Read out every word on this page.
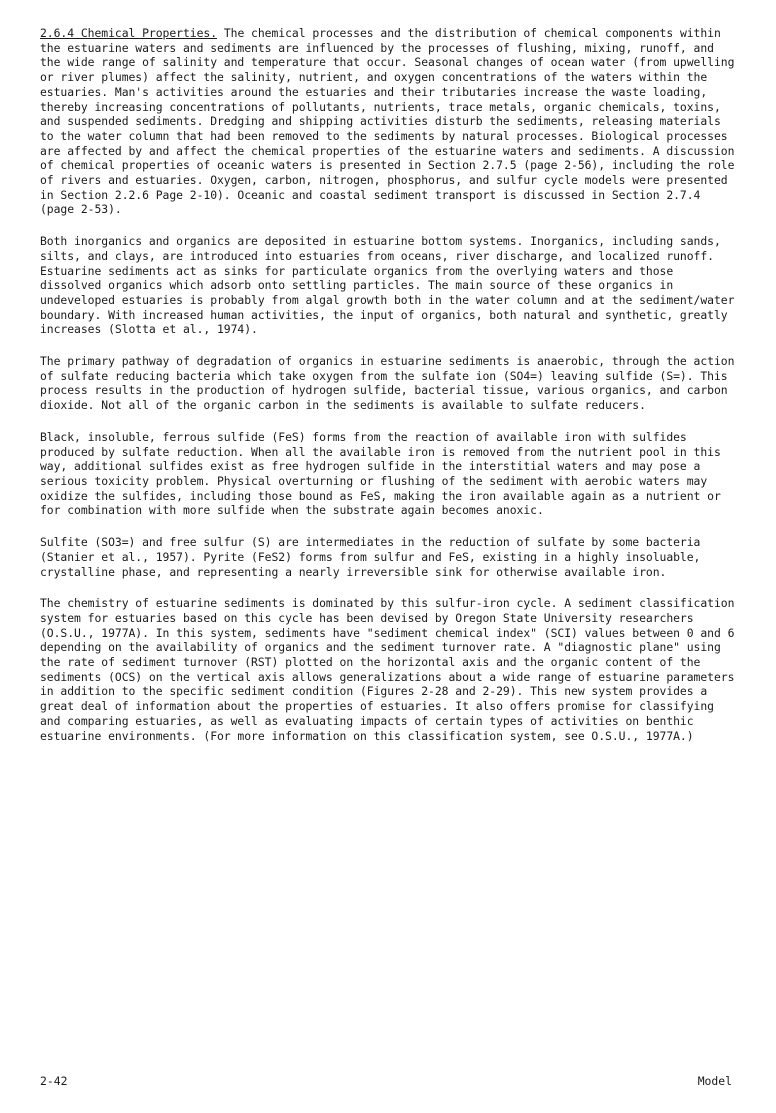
2.6.4 Chemical Properties. The chemical processes and the distribution of chemical components within the estuarine waters and sediments are influenced by the processes of flushing, mixing, runoff, and the wide range of salinity and temperature that occur. Seasonal changes of ocean water (from upwelling or river plumes) affect the salinity, nutrient, and oxygen concentrations of the waters within the estuaries. Man's activities around the estuaries and their tributaries increase the waste loading, thereby increasing concentrations of pollutants, nutrients, trace metals, organic chemicals, toxins, and suspended sediments. Dredging and shipping activities disturb the sediments, releasing materials to the water column that had been removed to the sediments by natural processes. Biological processes are affected by and affect the chemical properties of the estuarine waters and sediments. A discussion of chemical properties of oceanic waters is presented in Section 2.7.5 (page 2-56), including the role of rivers and estuaries. Oxygen, carbon, nitrogen, phosphorus, and sulfur cycle models were presented in Section 2.2.6 Page 2-10). Oceanic and coastal sediment transport is discussed in Section 2.7.4 (page 2-53).

Both inorganics and organics are deposited in estuarine bottom systems. Inorganics, including sands, silts, and clays, are introduced into estuaries from oceans, river discharge, and localized runoff. Estuarine sediments act as sinks for particulate organics from the overlying waters and those dissolved organics which adsorb onto settling particles. The main source of these organics in undeveloped estuaries is probably from algal growth both in the water column and at the sediment/water boundary. With increased human activities, the input of organics, both natural and synthetic, greatly increases (Slotta et al., 1974).

The primary pathway of degradation of organics in estuarine sediments is anaerobic, through the action of sulfate reducing bacteria which take oxygen from the sulfate ion (SO4=) leaving sulfide (S=). This process results in the production of hydrogen sulfide, bacterial tissue, various organics, and carbon dioxide. Not all of the organic carbon in the sediments is available to sulfate reducers.

Black, insoluble, ferrous sulfide (FeS) forms from the reaction of available iron with sulfides produced by sulfate reduction. When all the available iron is removed from the nutrient pool in this way, additional sulfides exist as free hydrogen sulfide in the interstitial waters and may pose a serious toxicity problem. Physical overturning or flushing of the sediment with aerobic waters may oxidize the sulfides, including those bound as FeS, making the iron available again as a nutrient or for combination with more sulfide when the substrate again becomes anoxic.

Sulfite (SO3=) and free sulfur (S) are intermediates in the reduction of sulfate by some bacteria (Stanier et al., 1957). Pyrite (FeS2) forms from sulfur and FeS, existing in a highly insoluable, crystalline phase, and representing a nearly irreversible sink for otherwise available iron.

The chemistry of estuarine sediments is dominated by this sulfur-iron cycle. A sediment classification system for estuaries based on this cycle has been devised by Oregon State University researchers (O.S.U., 1977A). In this system, sediments have "sediment chemical index" (SCI) values between 0 and 6 depending on the availability of organics and the sediment turnover rate. A "diagnostic plane" using the rate of sediment turnover (RST) plotted on the horizontal axis and the organic content of the sediments (OCS) on the vertical axis allows generalizations about a wide range of estuarine parameters in addition to the specific sediment condition (Figures 2-28 and 2-29). This new system provides a great deal of information about the properties of estuaries. It also offers promise for classifying and comparing estuaries, as well as evaluating impacts of certain types of activities on benthic estuarine environments. (For more information on this classification system, see O.S.U., 1977A.)

2-42	Model
